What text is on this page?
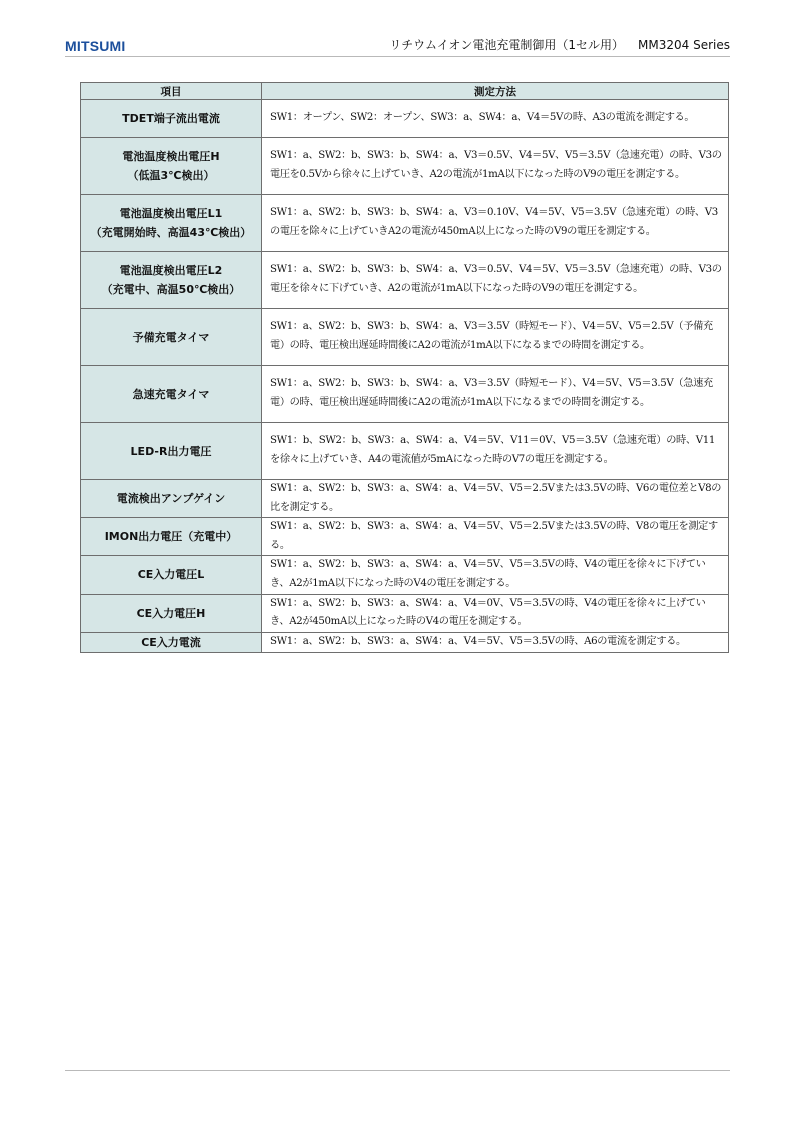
MITSUMI	リチウムイオン電池充電制御用（1セル用） MM3204 Series
項目	測定方法
TDET端子流出電流	SW1：オープン、SW2：オープン、SW3：a、SW4：a、V4＝5Vの時、A3の電流を測定する。
電池温度検出電圧H
（低温3℃検出）	SW1：a、SW2：b、SW3：b、SW4：a、V3＝0.5V、V4＝5V、V5＝3.5V（急速充電）の時、V3の電圧を0.5Vから徐々に上げていき、A2の電流が1mA以下になった時のV9の電圧を測定する。
電池温度検出電圧L1
（充電開始時、高温43℃検出）	SW1：a、SW2：b、SW3：b、SW4：a、V3＝0.10V、V4＝5V、V5＝3.5V（急速充電）の時、V3の電圧を除々に上げていきA2の電流が450mA以上になった時のV9の電圧を測定する。
電池温度検出電圧L2
（充電中、高温50℃検出）	SW1：a、SW2：b、SW3：b、SW4：a、V3＝0.5V、V4＝5V、V5＝3.5V（急速充電）の時、V3の電圧を徐々に下げていき、A2の電流が1mA以下になった時のV9の電圧を測定する。
予備充電タイマ	SW1：a、SW2：b、SW3：b、SW4：a、V3＝3.5V（時短モード）、V4＝5V、V5＝2.5V（予備充電）の時、電圧検出遅延時間後にA2の電流が1mA以下になるまでの時間を測定する。
急速充電タイマ	SW1：a、SW2：b、SW3：b、SW4：a、V3＝3.5V（時短モード）、V4＝5V、V5＝3.5V（急速充電）の時、電圧検出遅延時間後にA2の電流が1mA以下になるまでの時間を測定する。
LED-R出力電圧	SW1：b、SW2：b、SW3：a、SW4：a、V4＝5V、V11＝0V、V5＝3.5V（急速充電）の時、V11を徐々に上げていき、A4の電流値が5mAになった時のV7の電圧を測定する。
電流検出アンプゲイン	SW1：a、SW2：b、SW3：a、SW4：a、V4＝5V、V5＝2.5Vまたは3.5Vの時、V6の電位差とV8の比を測定する。
IMON出力電圧（充電中）	SW1：a、SW2：b、SW3：a、SW4：a、V4＝5V、V5＝2.5Vまたは3.5Vの時、V8の電圧を測定する。
CE入力電圧L	SW1：a、SW2：b、SW3：a、SW4：a、V4＝5V、V5＝3.5Vの時、V4の電圧を徐々に下げていき、A2が1mA以下になった時のV4の電圧を測定する。
CE入力電圧H	SW1：a、SW2：b、SW3：a、SW4：a、V4＝0V、V5＝3.5Vの時、V4の電圧を徐々に上げていき、A2が450mA以上になった時のV4の電圧を測定する。
CE入力電流	SW1：a、SW2：b、SW3：a、SW4：a、V4＝5V、V5＝3.5Vの時、A6の電流を測定する。
